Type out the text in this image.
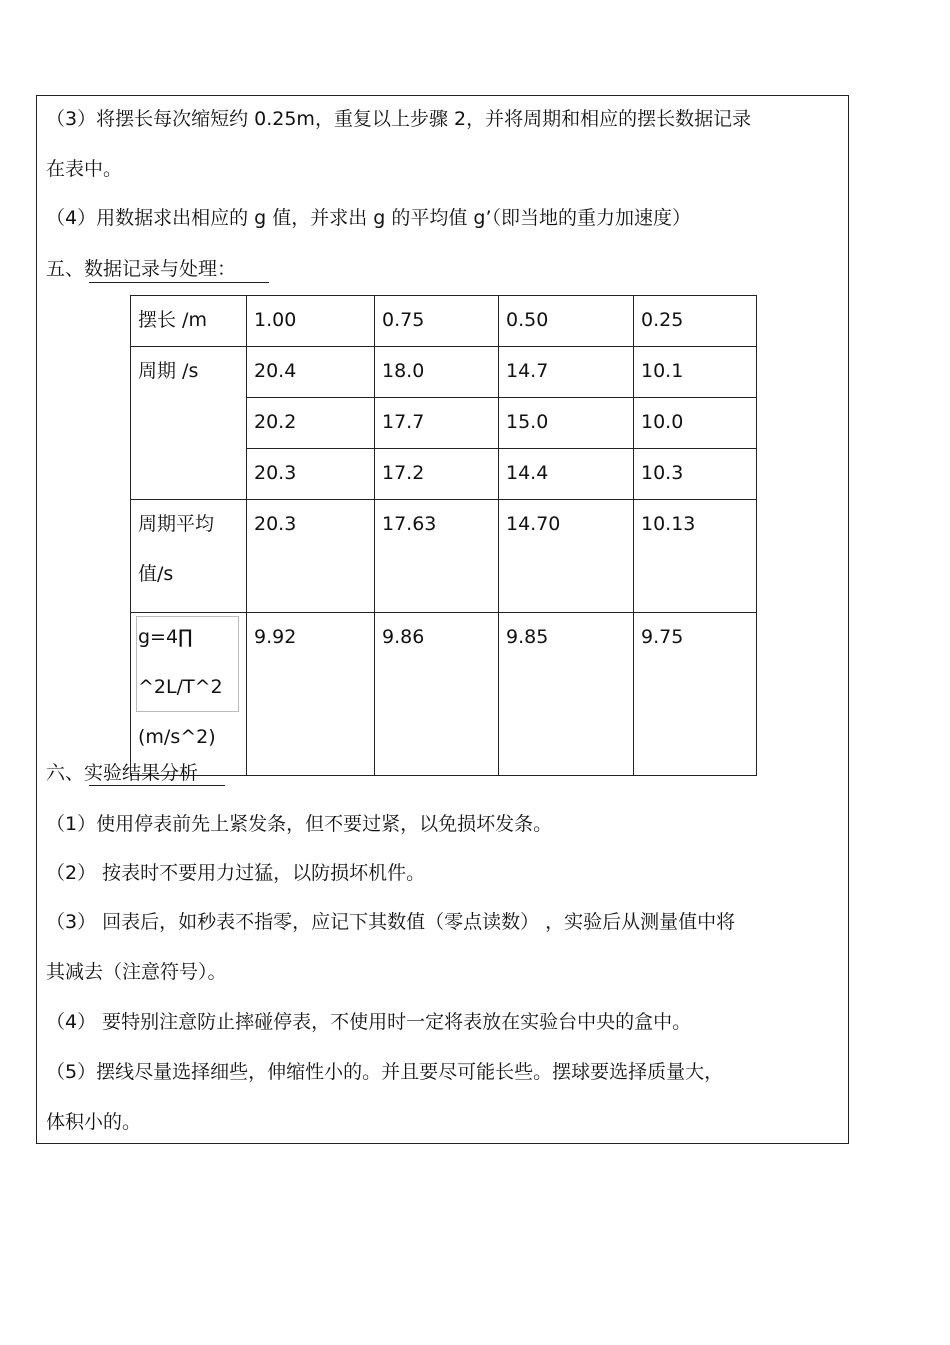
（3）将摆长每次缩短约 0.25m，重复以上步骤 2，并将周期和相应的摆长数据记录
在表中。
（4）用数据求出相应的 g 值，并求出 g 的平均值 g’（即当地的重力加速度）
五、数据记录与处理：
摆长 /m	1.00	0.75	0.50	0.25
周期 /s	20.4	18.0	14.7	10.1
	20.2	17.7	15.0	10.0
	20.3	17.2	14.4	10.3

周期平均
值/s	20.3	17.63	14.70	10.13

g=4∏
^2L/T^2
(m/s^2)	9.92	9.86	9.85	9.75
六、实验结果分析
（1）使用停表前先上紧发条，但不要过紧，以免损坏发条。
（2） 按表时不要用力过猛，以防损坏机件。
（3） 回表后，如秒表不指零，应记下其数值（零点读数） ，实验后从测量值中将
其减去（注意符号）。
（4） 要特别注意防止摔碰停表，不使用时一定将表放在实验台中央的盒中。
（5）摆线尽量选择细些，伸缩性小的。并且要尽可能长些。摆球要选择质量大，
体积小的。
